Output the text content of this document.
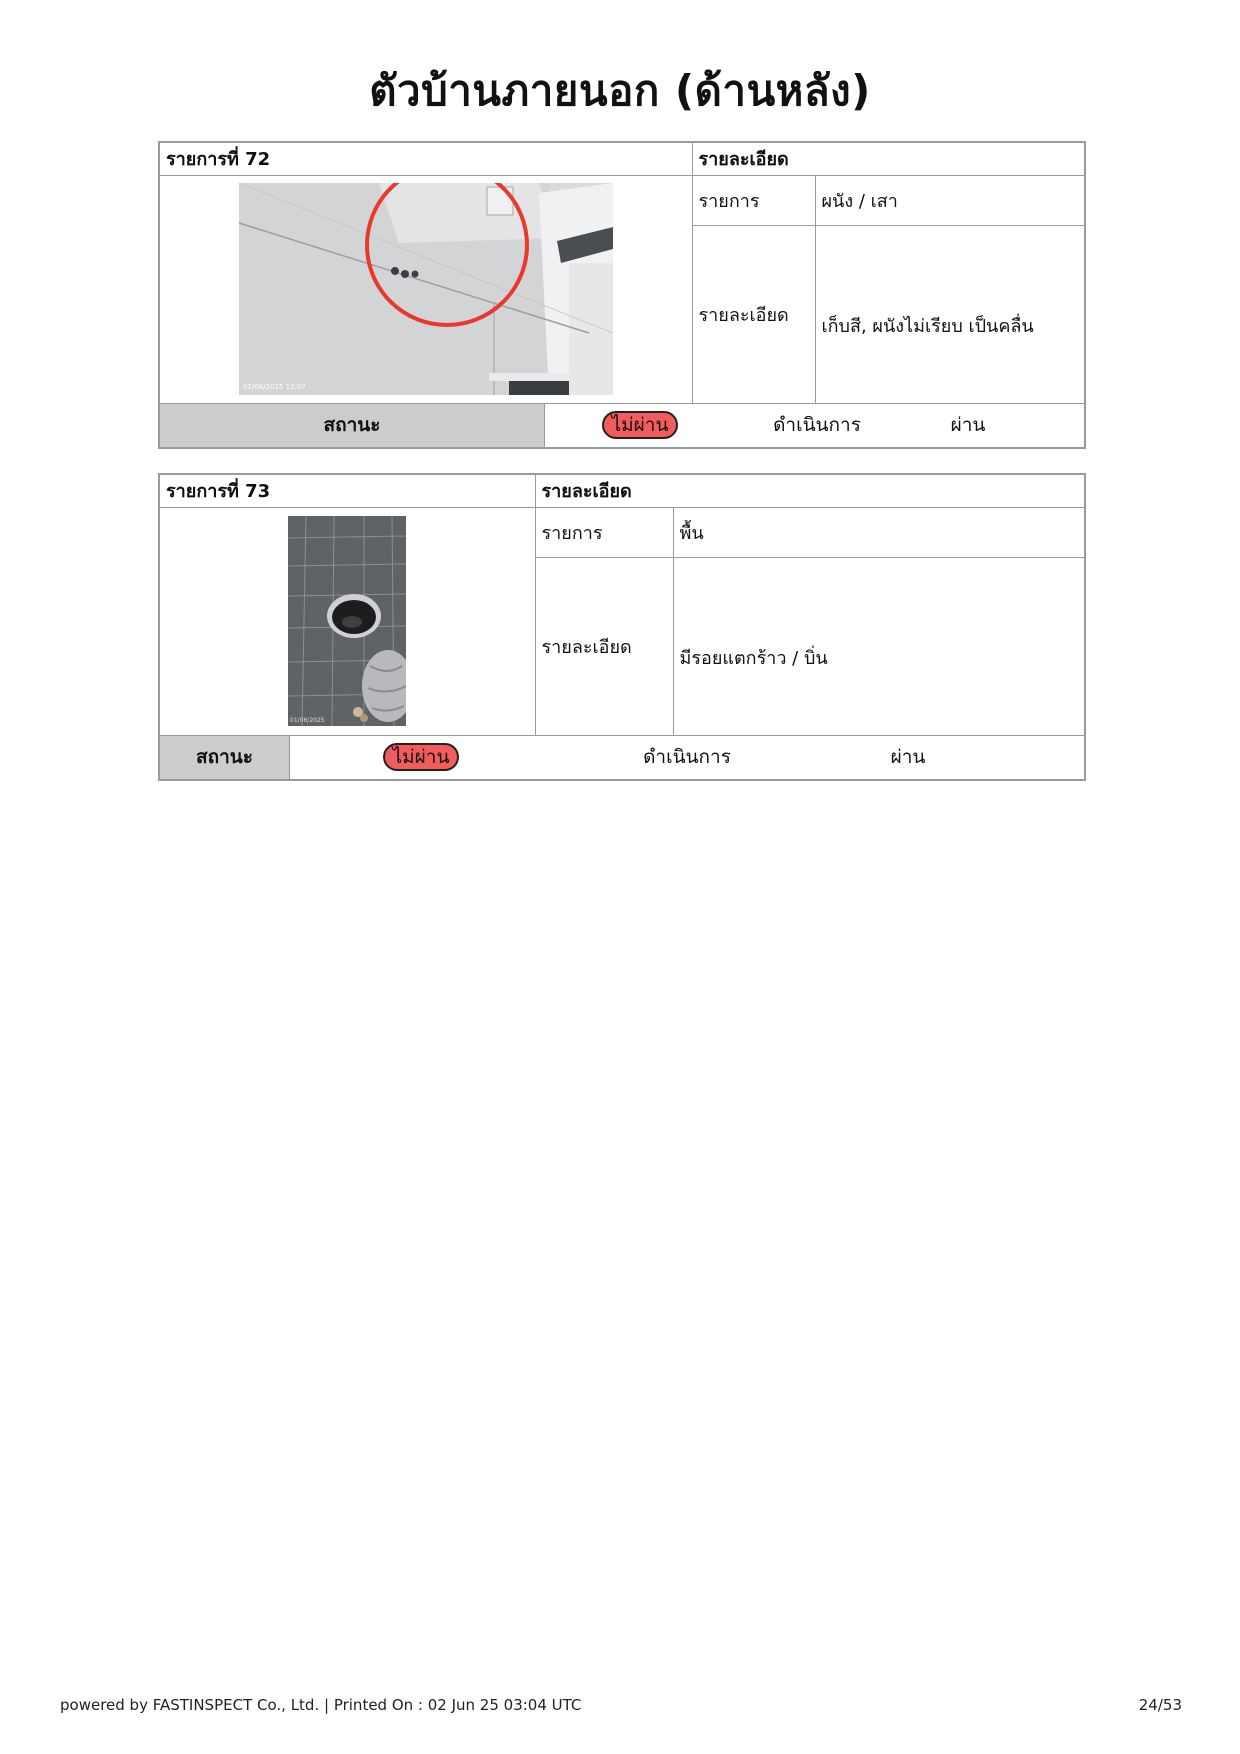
ตัวบ้านภายนอก (ด้านหลัง)
รายการที่ 72	รายละเอียด	

01/06/2025 12:07	รายการ	ผนัง / เสา
	รายละเอียด	เก็บสี, ผนังไม่เรียบ เป็นคลื่น

สถานะ ไม่ผ่าน ดำเนินการ ผ่าน		
รายการที่ 73	รายละเอียด	

01/06/2025	รายการ	พื้น
	รายละเอียด	มีรอยแตกร้าว / บิ่น

สถานะ ไม่ผ่าน ดำเนินการ ผ่าน		
powered by FASTINSPECT Co., Ltd. | Printed On : 02 Jun 25 03:04 UTC	24/53
